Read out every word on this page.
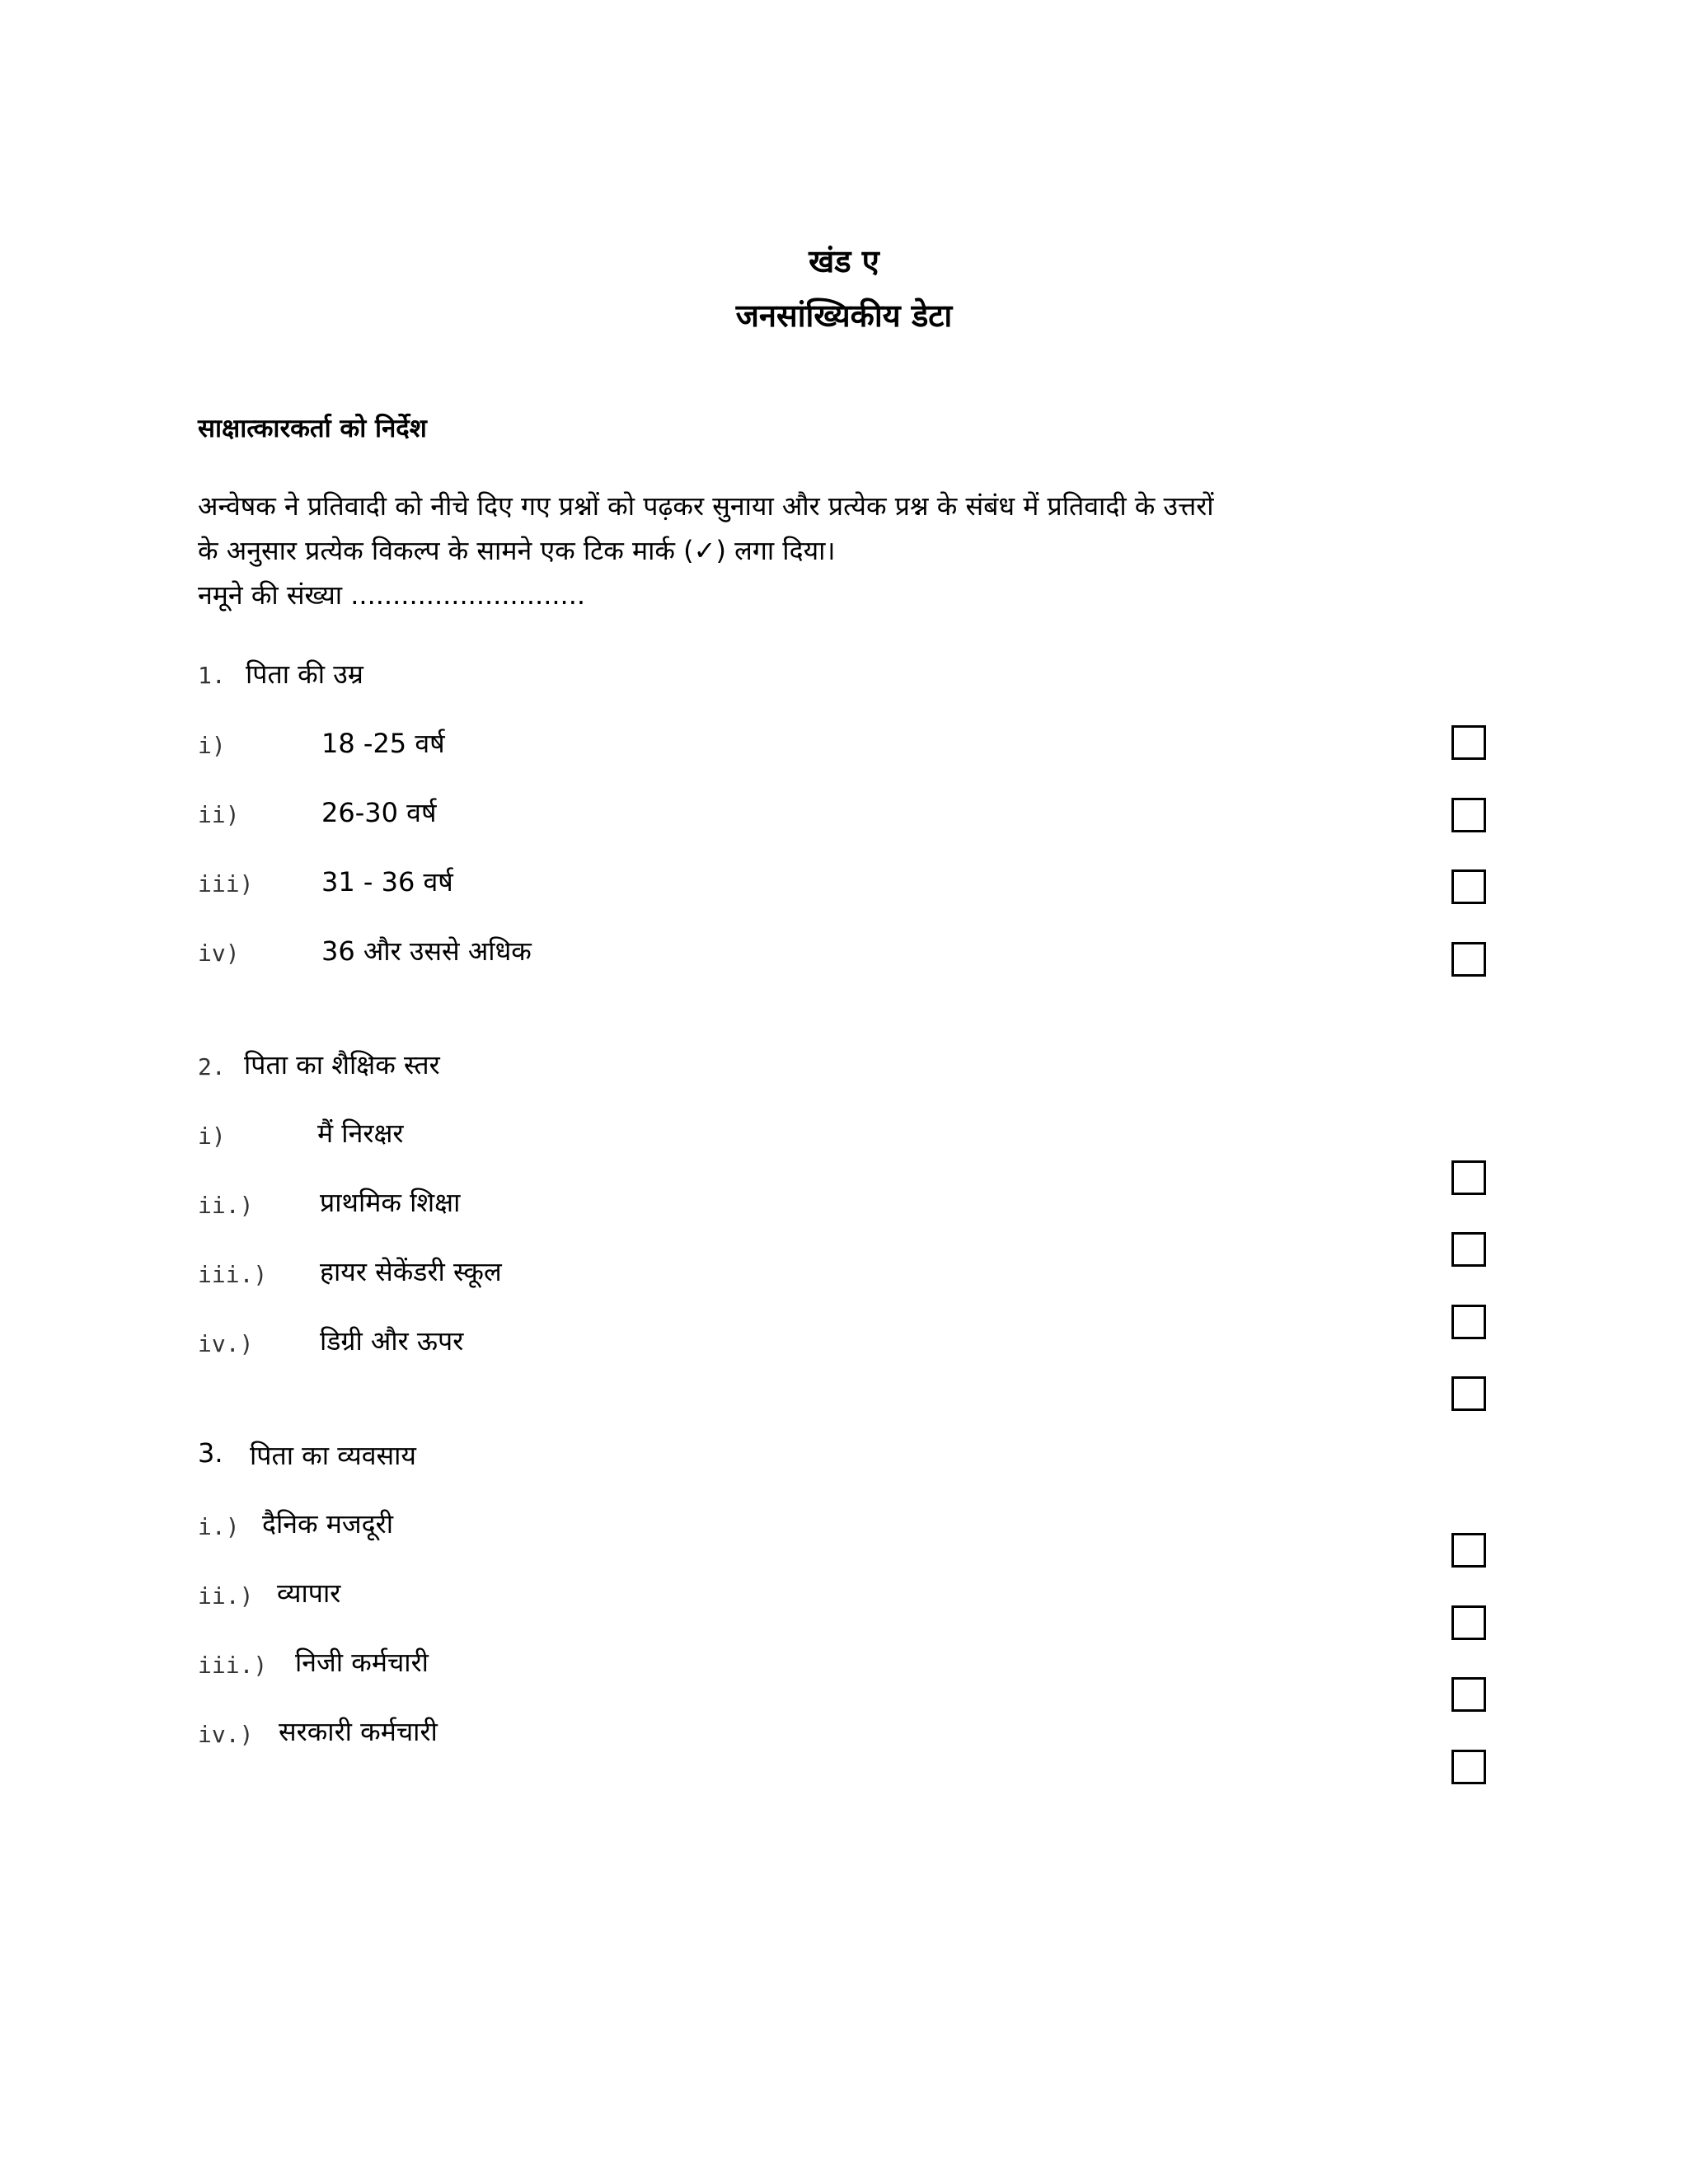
खंड ए
जनसांख्यिकीय डेटा
साक्षात्कारकर्ता को निर्देश
अन्वेषक ने प्रतिवादी को नीचे दिए गए प्रश्नों को पढ़कर सुनाया और प्रत्येक प्रश्न के संबंध में प्रतिवादी के उत्तरों
के अनुसार प्रत्येक विकल्प के सामने एक टिक मार्क (✓) लगा दिया।
नमूने की संख्या ............................
1. पिता की उम्र
i)	18 -25 वर्ष
ii)	26-30 वर्ष
iii)	31 - 36 वर्ष
iv)	36 और उससे अधिक
2. पिता का शैक्षिक स्तर
i)	मैं निरक्षर
ii.)	प्राथमिक शिक्षा
iii.) हायर सेकेंडरी स्कूल
iv.)	डिग्री और ऊपर
3. पिता का व्यवसाय
i.) दैनिक मजदूरी
ii.) व्यापार
iii.) निजी कर्मचारी
iv.) सरकारी कर्मचारी
